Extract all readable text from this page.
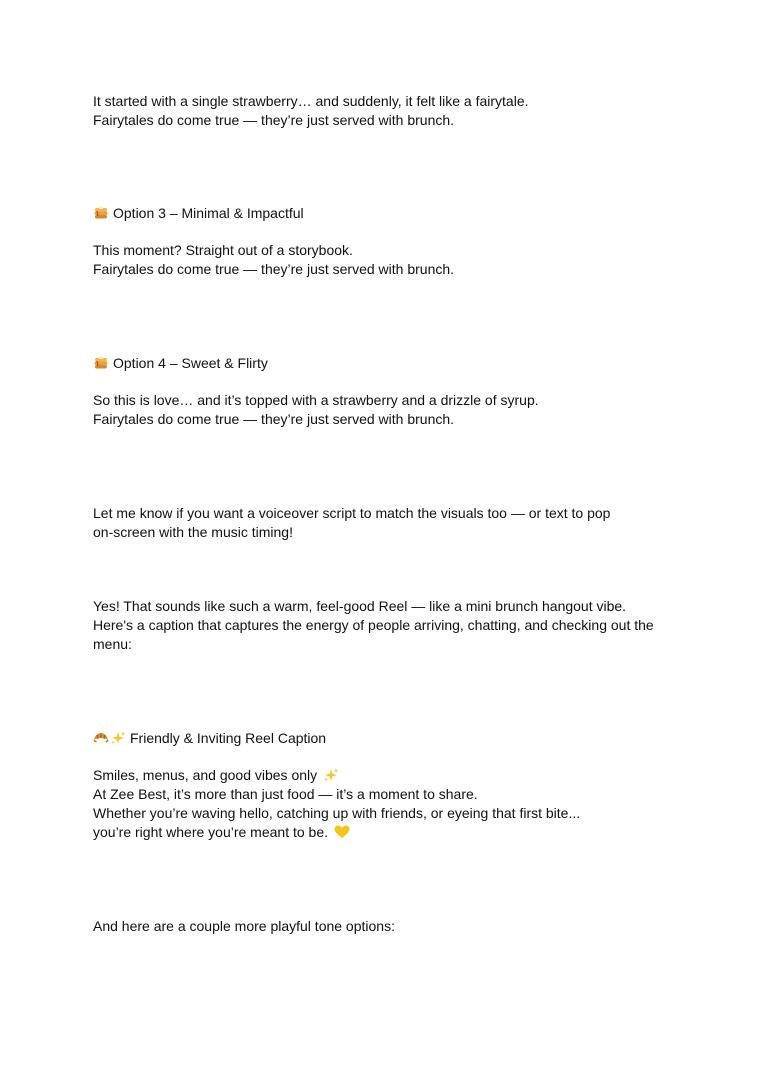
It started with a single strawberry… and suddenly, it felt like a fairytale.
Fairytales do come true — they’re just served with brunch.
Option 3 – Minimal & Impactful
This moment? Straight out of a storybook.
Fairytales do come true — they’re just served with brunch.
Option 4 – Sweet & Flirty
So this is love… and it’s topped with a strawberry and a drizzle of syrup.
Fairytales do come true — they’re just served with brunch.
Let me know if you want a voiceover script to match the visuals too — or text to pop
on-screen with the music timing!
Yes! That sounds like such a warm, feel-good Reel — like a mini brunch hangout vibe.
Here's a caption that captures the energy of people arriving, chatting, and checking out the
menu:
Friendly & Inviting Reel Caption
Smiles, menus, and good vibes only
At Zee Best, it’s more than just food — it’s a moment to share.
Whether you’re waving hello, catching up with friends, or eyeing that first bite...
you’re right where you’re meant to be.
And here are a couple more playful tone options:
